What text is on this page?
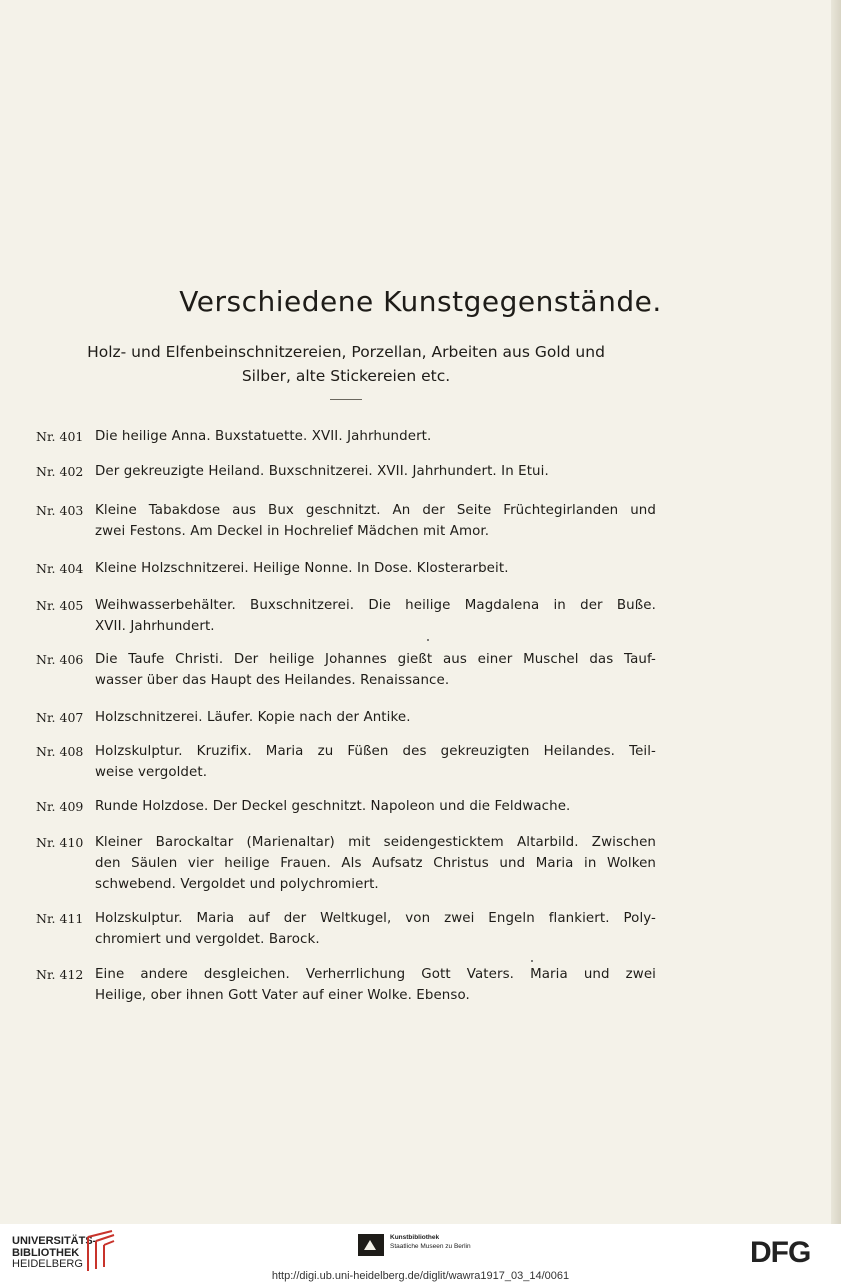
Verschiedene Kunstgegenstände.
Holz- und Elfenbeinschnitzereien, Porzellan, Arbeiten aus Gold und
Silber, alte Stickereien etc.
Nr. 401 Die heilige Anna. Buxstatuette. XVII. Jahrhundert.
Nr. 402 Der gekreuzigte Heiland. Buxschnitzerei. XVII. Jahrhundert. In Etui.
Nr. 403 Kleine Tabakdose aus Bux geschnitzt. An der Seite Früchtegirlanden und
zwei Festons. Am Deckel in Hochrelief Mädchen mit Amor.
Nr. 404 Kleine Holzschnitzerei. Heilige Nonne. In Dose. Klosterarbeit.
Nr. 405 Weihwasserbehälter. Buxschnitzerei. Die heilige Magdalena in der Buße.
XVII. Jahrhundert.
Nr. 406 Die Taufe Christi. Der heilige Johannes gießt aus einer Muschel das Tauf-
wasser über das Haupt des Heilandes. Renaissance.
Nr. 407 Holzschnitzerei. Läufer. Kopie nach der Antike.
Nr. 408 Holzskulptur. Kruzifix. Maria zu Füßen des gekreuzigten Heilandes. Teil-
weise vergoldet.
Nr. 409 Runde Holzdose. Der Deckel geschnitzt. Napoleon und die Feldwache.
Nr. 410 Kleiner Barockaltar (Marienaltar) mit seidengesticktem Altarbild. Zwischen
den Säulen vier heilige Frauen. Als Aufsatz Christus und Maria in Wolken
schwebend. Vergoldet und polychromiert.
Nr. 411 Holzskulptur. Maria auf der Weltkugel, von zwei Engeln flankiert. Poly-
chromiert und vergoldet. Barock.
Nr. 412 Eine andere desgleichen. Verherrlichung Gott Vaters. Maria und zwei
Heilige, ober ihnen Gott Vater auf einer Wolke. Ebenso.
UNIVERSITÄTS-
BIBLIOTHEK
HEIDELBERG
Kunstbibliothek
Staatliche Museen zu Berlin	DFG
http://digi.ub.uni-heidelberg.de/diglit/wawra1917_03_14/0061
